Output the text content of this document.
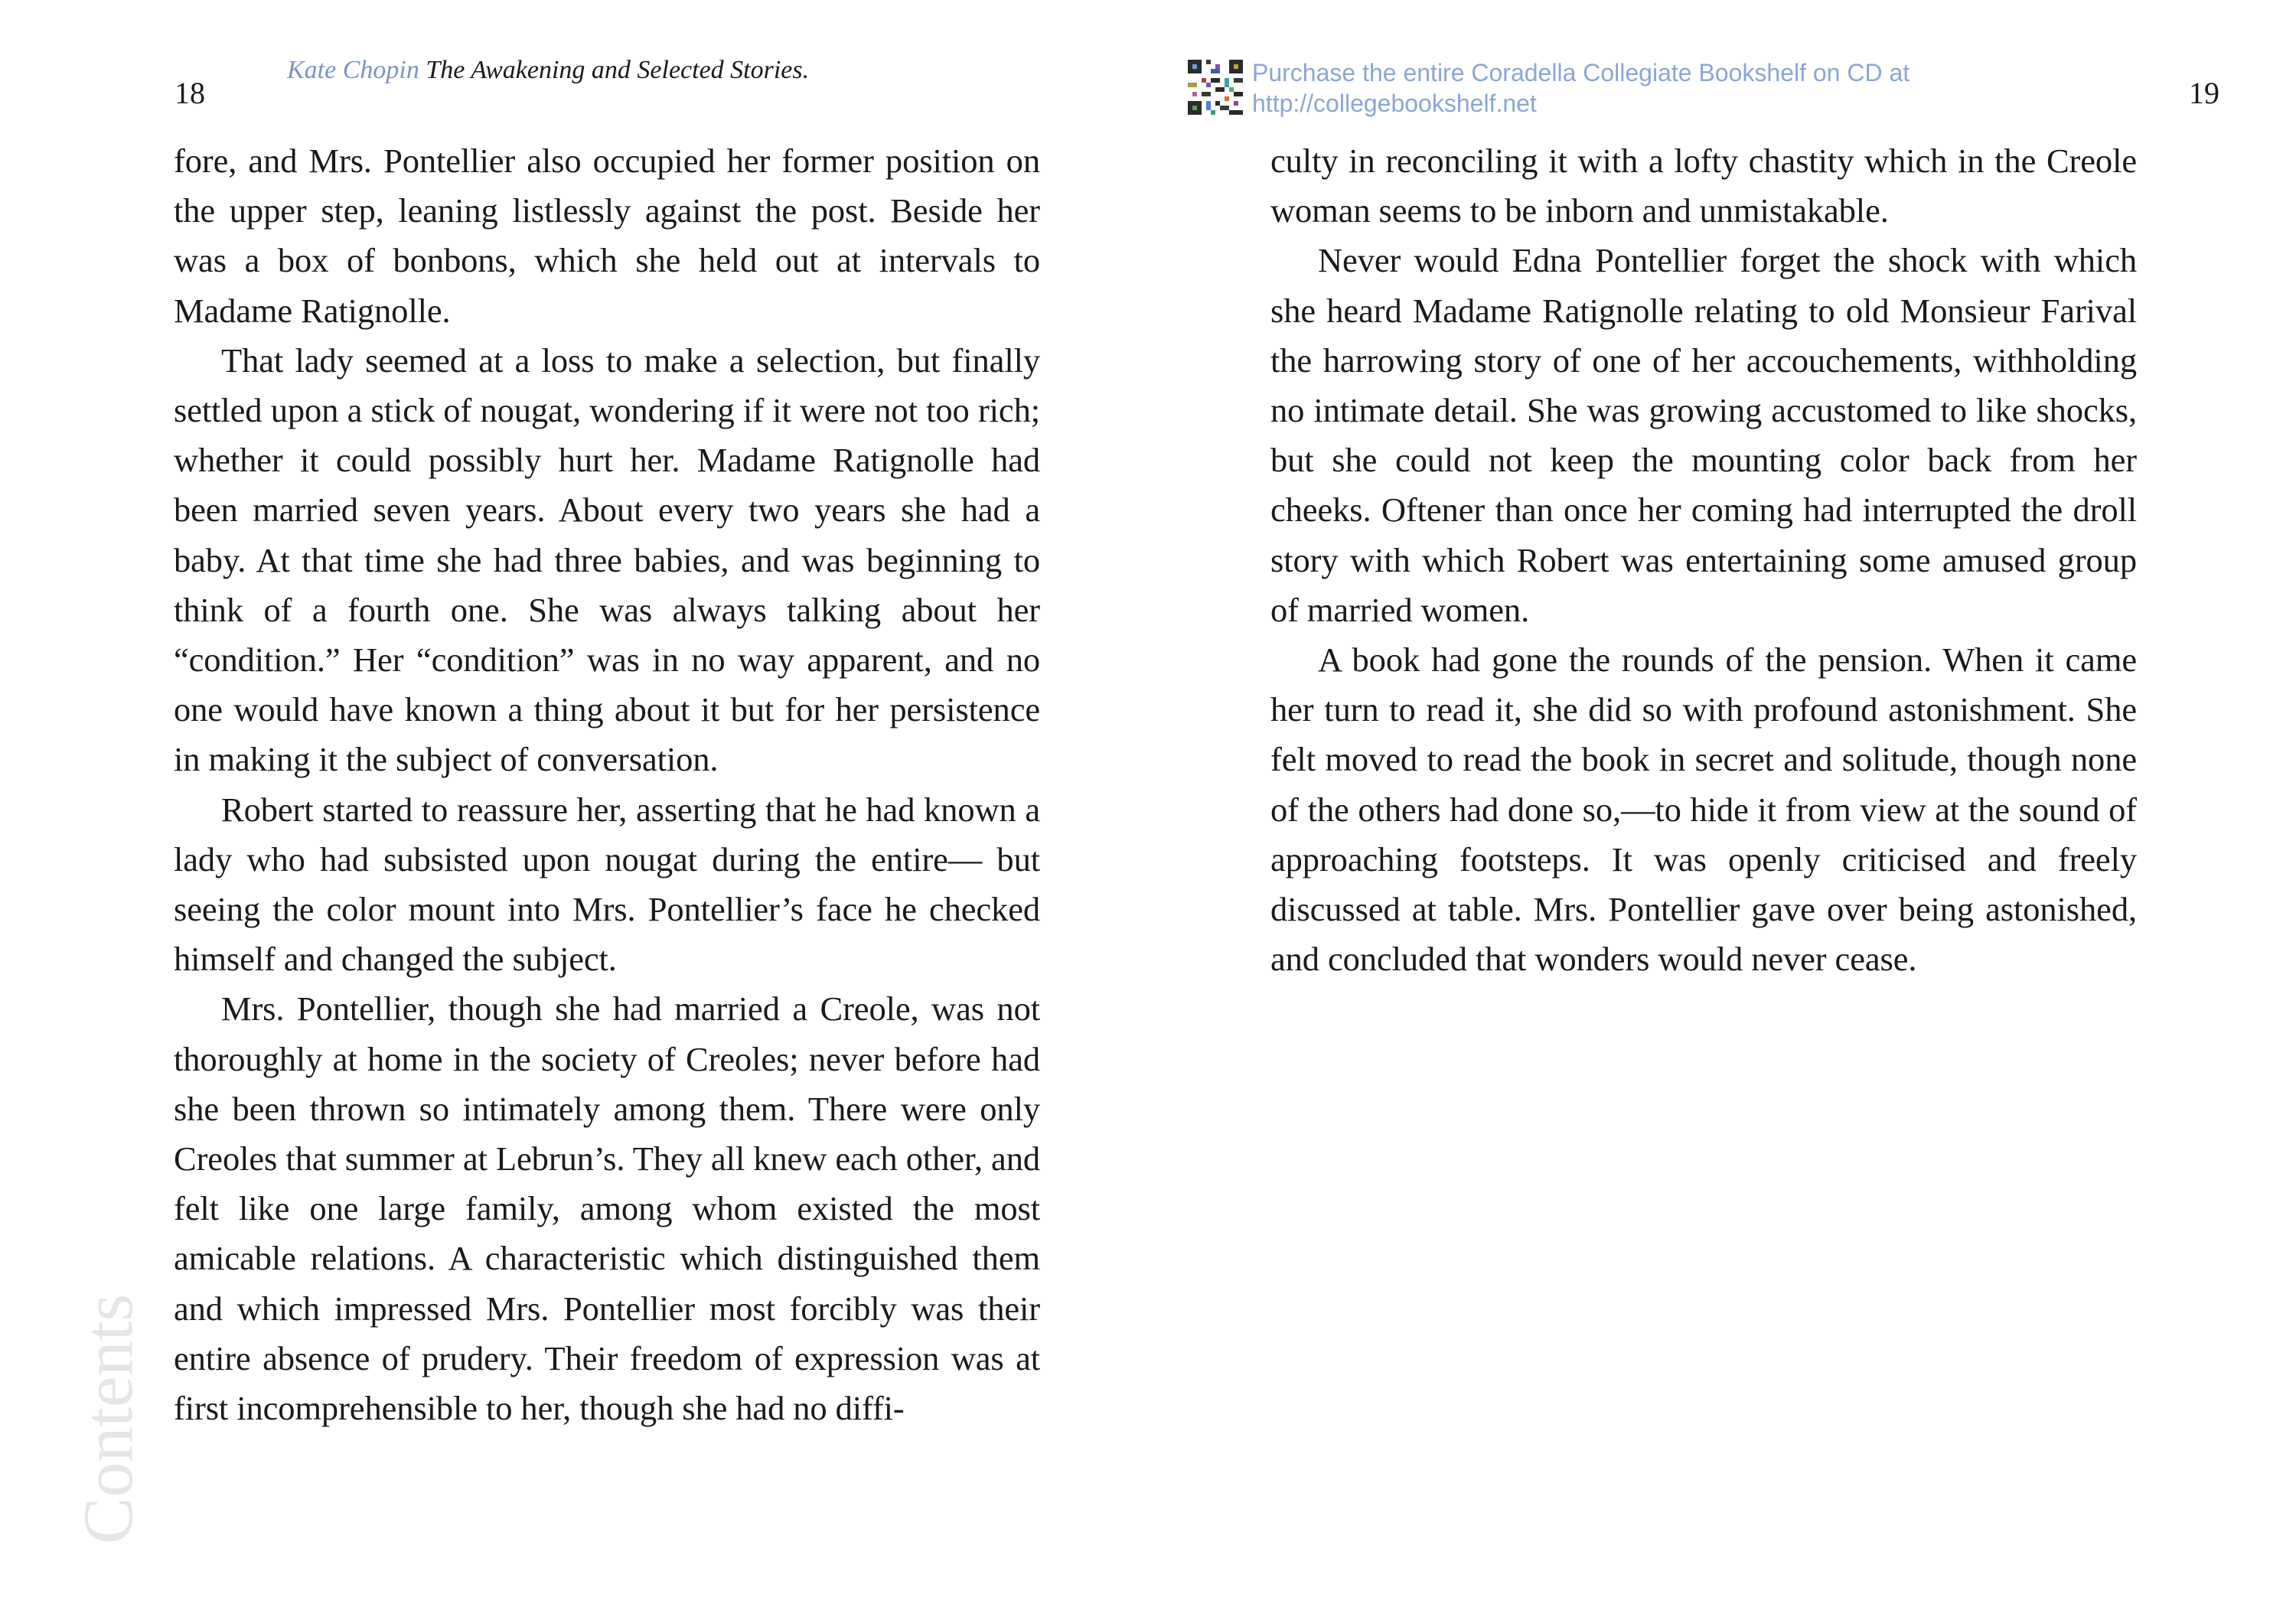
18
Kate Chopin The Awakening and Selected Stories.

fore, and Mrs. Pontellier also occupied her former position on the upper step, leaning listlessly against the post. Beside her was a box of bonbons, which she held out at intervals to Madame Ratignolle.

That lady seemed at a loss to make a selection, but finally settled upon a stick of nougat, wondering if it were not too rich; whether it could possibly hurt her. Madame Ratignolle had been married seven years. About every two years she had a baby. At that time she had three babies, and was beginning to think of a fourth one. She was always talking about her “condition.” Her “condition” was in no way apparent, and no one would have known a thing about it but for her persistence in making it the subject of conversation.

Robert started to reassure her, asserting that he had known a lady who had subsisted upon nougat during the entire— but seeing the color mount into Mrs. Pontellier’s face he checked himself and changed the subject.

Mrs. Pontellier, though she had married a Creole, was not thoroughly at home in the society of Creoles; never before had she been thrown so intimately among them. There were only Creoles that summer at Lebrun’s. They all knew each other, and felt like one large family, among whom existed the most amicable relations. A characteristic which distinguished them and which impressed Mrs. Pontellier most forcibly was their entire absence of prudery. Their freedom of expression was at first incomprehensible to her, though she had no diffi-

Contents
Purchase the entire Coradella Collegiate Bookshelf on CD at
http://collegebookshelf.net	19

culty in reconciling it with a lofty chastity which in the Creole woman seems to be inborn and unmistakable.

Never would Edna Pontellier forget the shock with which she heard Madame Ratignolle relating to old Monsieur Farival the harrowing story of one of her accouchements, withholding no intimate detail. She was growing accustomed to like shocks, but she could not keep the mounting color back from her cheeks. Oftener than once her coming had interrupted the droll story with which Robert was entertaining some amused group of married women.

A book had gone the rounds of the pension. When it came her turn to read it, she did so with profound astonishment. She felt moved to read the book in secret and solitude, though none of the others had done so,—to hide it from view at the sound of approaching footsteps. It was openly criticised and freely discussed at table. Mrs. Pontellier gave over being astonished, and concluded that wonders would never cease.
